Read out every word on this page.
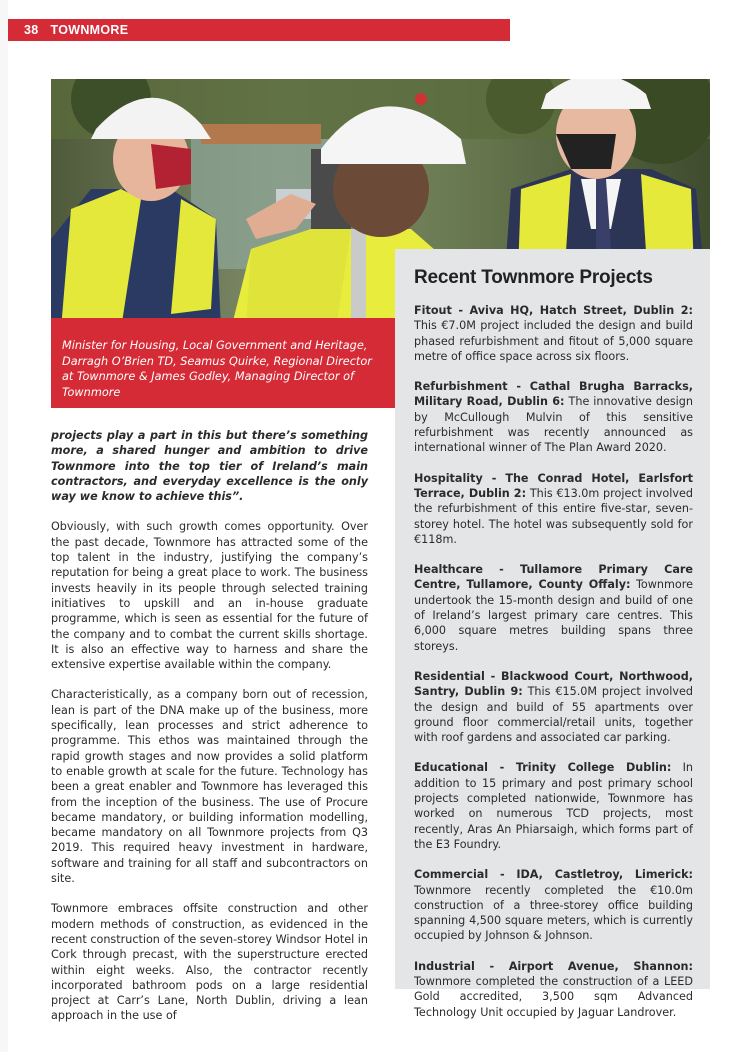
38 TOWNMORE
Minister for Housing, Local Government and Heritage, Darragh O’Brien TD, Seamus Quirke, Regional Director at Townmore & James Godley, Managing Director of Townmore

projects play a part in this but there’s something more, a shared hunger and ambition to drive Townmore into the top tier of Ireland’s main contractors, and everyday excellence is the only way we know to achieve this”.

Obviously, with such growth comes opportunity. Over the past decade, Townmore has attracted some of the top talent in the industry, justifying the company’s reputation for being a great place to work. The business invests heavily in its people through selected training initiatives to upskill and an in-house graduate programme, which is seen as essential for the future of the company and to combat the current skills shortage. It is also an effective way to harness and share the extensive expertise available within the company.

Characteristically, as a company born out of recession, lean is part of the DNA make up of the business, more specifically, lean processes and strict adherence to programme. This ethos was maintained through the rapid growth stages and now provides a solid platform to enable growth at scale for the future. Technology has been a great enabler and Townmore has leveraged this from the inception of the business. The use of Procure became mandatory, or building information modelling, became mandatory on all Townmore projects from Q3 2019. This required heavy investment in hardware, software and training for all staff and subcontractors on site.

Townmore embraces offsite construction and other modern methods of construction, as evidenced in the recent construction of the seven-storey Windsor Hotel in Cork through precast, with the superstructure erected within eight weeks. Also, the contractor recently incorporated bathroom pods on a large residential project at Carr’s Lane, North Dublin, driving a lean approach in the use of

Recent Townmore Projects
Fitout - Aviva HQ, Hatch Street, Dublin 2: This €7.0M project included the design and build phased refurbishment and fitout of 5,000 square metre of office space across six floors.
Refurbishment - Cathal Brugha Barracks, Military Road, Dublin 6: The innovative design by McCullough Mulvin of this sensitive refurbishment was recently announced as international winner of The Plan Award 2020.
Hospitality - The Conrad Hotel, Earlsfort Terrace, Dublin 2: This €13.0m project involved the refurbishment of this entire five-star, seven-storey hotel. The hotel was subsequently sold for €118m.
Healthcare - Tullamore Primary Care Centre, Tullamore, County Offaly: Townmore undertook the 15-month design and build of one of Ireland’s largest primary care centres. This 6,000 square metres building spans three storeys.
Residential - Blackwood Court, Northwood, Santry, Dublin 9: This €15.0M project involved the design and build of 55 apartments over ground floor commercial/retail units, together with roof gardens and associated car parking.
Educational - Trinity College Dublin: In addition to 15 primary and post primary school projects completed nationwide, Townmore has worked on numerous TCD projects, most recently, Aras An Phiarsaigh, which forms part of the E3 Foundry.
Commercial - IDA, Castletroy, Limerick: Townmore recently completed the €10.0m construction of a three-storey office building spanning 4,500 square meters, which is currently occupied by Johnson & Johnson.
Industrial - Airport Avenue, Shannon: Townmore completed the construction of a LEED Gold accredited, 3,500 sqm Advanced Technology Unit occupied by Jaguar Landrover.
